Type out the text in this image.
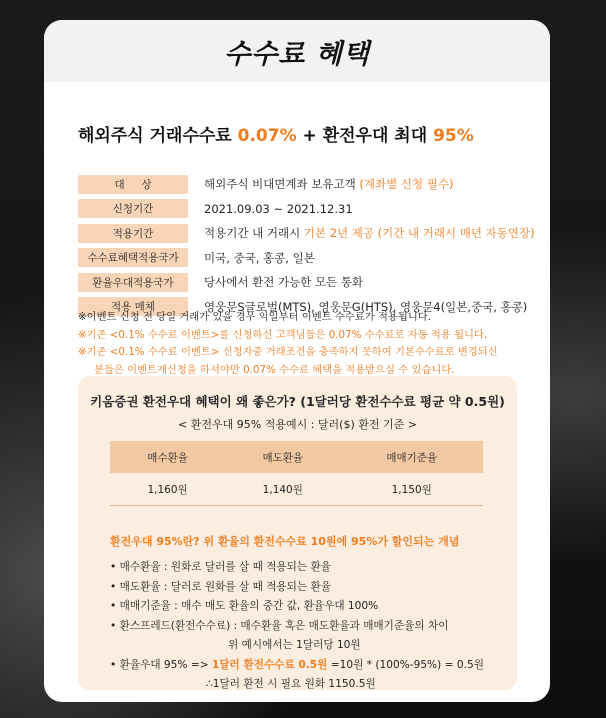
수수료 혜택
해외주식 거래수수료 0.07% + 환전우대 최대 95%
대     상	해외주식 비대면계좌 보유고객 (계좌별 신청 필수)
신청기간	2021.09.03 ~ 2021.12.31
적용기간	적용기간 내 거래시 기본 2년 제공 (기간 내 거래시 매년 자동연장)
수수료혜택적용국가	미국, 중국, 홍콩, 일본
환율우대적용국가	당사에서 환전 가능한 모든 통화
적용 매체	영웅문S글로벌(MTS), 영웅문G(HTS), 영웅문4(일본,중국, 홍콩)
※이벤트 신청 전 당일 거래가 있을 경우 익일부터 이벤트 수수료가 적용됩니다.
※기존 <0.1% 수수료 이벤트>를 신청하신 고객님들은 0.07% 수수료로 자동 적용 됩니다.
※기존 <0.1% 수수료 이벤트> 신청자중 거래조건을 충족하지 못하여 기본수수료로 변경되신
분들은 이벤트재신청을 하셔야만 0.07% 수수료 혜택을 적용받으실 수 있습니다.
키움증권 환전우대 혜택이 왜 좋은가? (1달러당 환전수수료 평균 약 0.5원)
< 환전우대 95% 적용예시 : 달러($) 환전 기준 >
매수환율	매도환율	매매기준율
1,160원	1,140원	1,150원
환전우대 95%란? 위 환율의 환전수수료 10원에 95%가 할인되는 개념
• 매수환율 : 원화로 달러를 살 때 적용되는 환율
• 매도환율 : 달러로 원화를 살 때 적용되는 환율
• 매매기준율 : 매수 매도 환율의 중간 값, 환율우대 100%
• 환스프레드(환전수수료) : 매수환율 혹은 매도환율과 매매기준율의 차이
위 예시에서는 1달러당 10원
• 환율우대 95% => 1달러 환전수수료 0.5원 =10원 * (100%-95%) = 0.5원
∴1달러 환전 시 필요 원화 1150.5원
